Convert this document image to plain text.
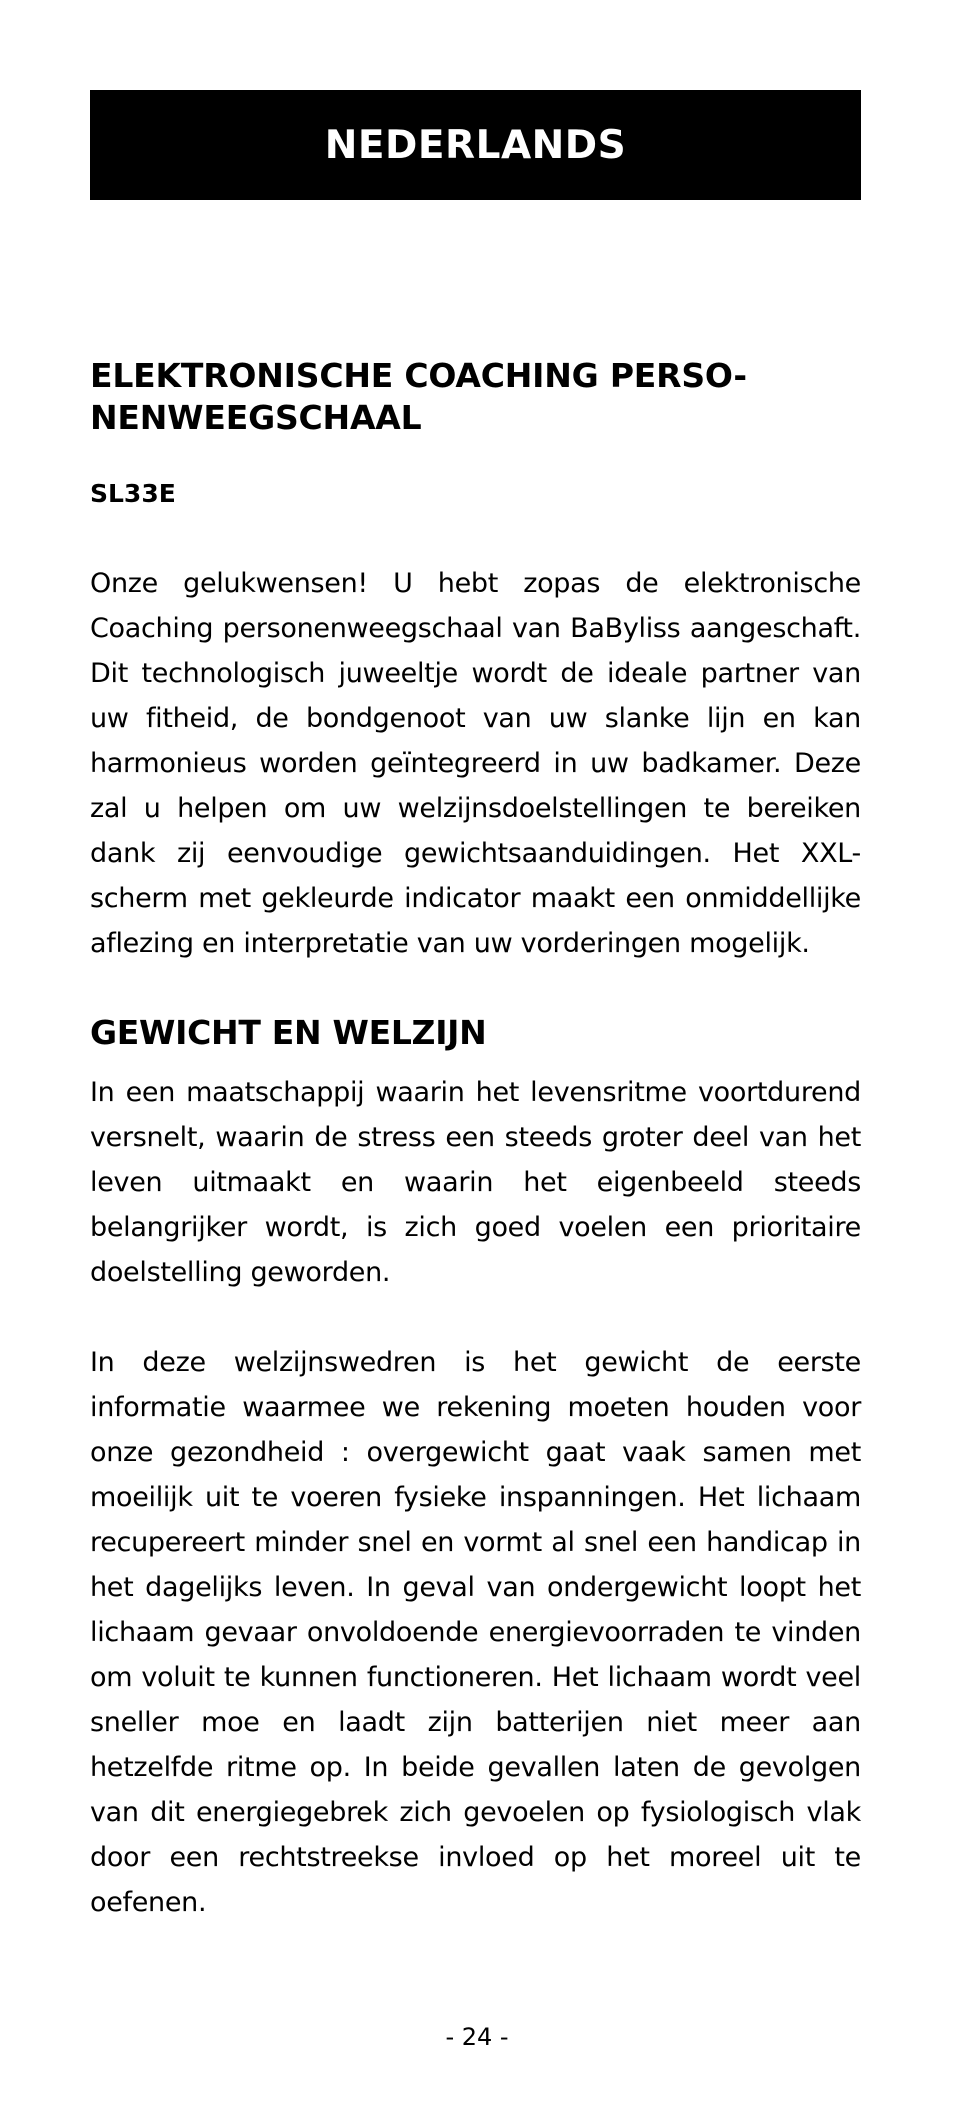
NEDERLANDS
ELEKTRONISCHE COACHING PERSO-
NENWEEGSCHAAL
SL33E

Onze gelukwensen! U hebt zopas de elektronische Coaching personenweegschaal van BaByliss aangeschaft. Dit technologisch juweeltje wordt de ideale partner van uw fitheid, de bondgenoot van uw slanke lijn en kan harmonieus worden geïntegreerd in uw badkamer. Deze zal u helpen om uw welzijnsdoelstellingen te bereiken dank zij eenvoudige gewichtsaanduidingen. Het XXL-scherm met gekleurde indicator maakt een onmiddellijke aflezing en interpretatie van uw vorderingen mogelijk.

GEWICHT EN WELZIJN

In een maatschappij waarin het levensritme voortdurend versnelt, waarin de stress een steeds groter deel van het leven uitmaakt en waarin het eigenbeeld steeds belangrijker wordt, is zich goed voelen een prioritaire doelstelling geworden.

In deze welzijnswedren is het gewicht de eerste informatie waarmee we rekening moeten houden voor onze gezondheid : overgewicht gaat vaak samen met moeilijk uit te voeren fysieke inspanningen. Het lichaam recupereert minder snel en vormt al snel een handicap in het dagelijks leven. In geval van ondergewicht loopt het lichaam gevaar onvoldoende energievoorraden te vinden om voluit te kunnen functioneren. Het lichaam wordt veel sneller moe en laadt zijn batterijen niet meer aan hetzelfde ritme op. In beide gevallen laten de gevolgen van dit energiegebrek zich gevoelen op fysiologisch vlak door een rechtstreekse invloed op het moreel uit te oefenen.

- 24 -
